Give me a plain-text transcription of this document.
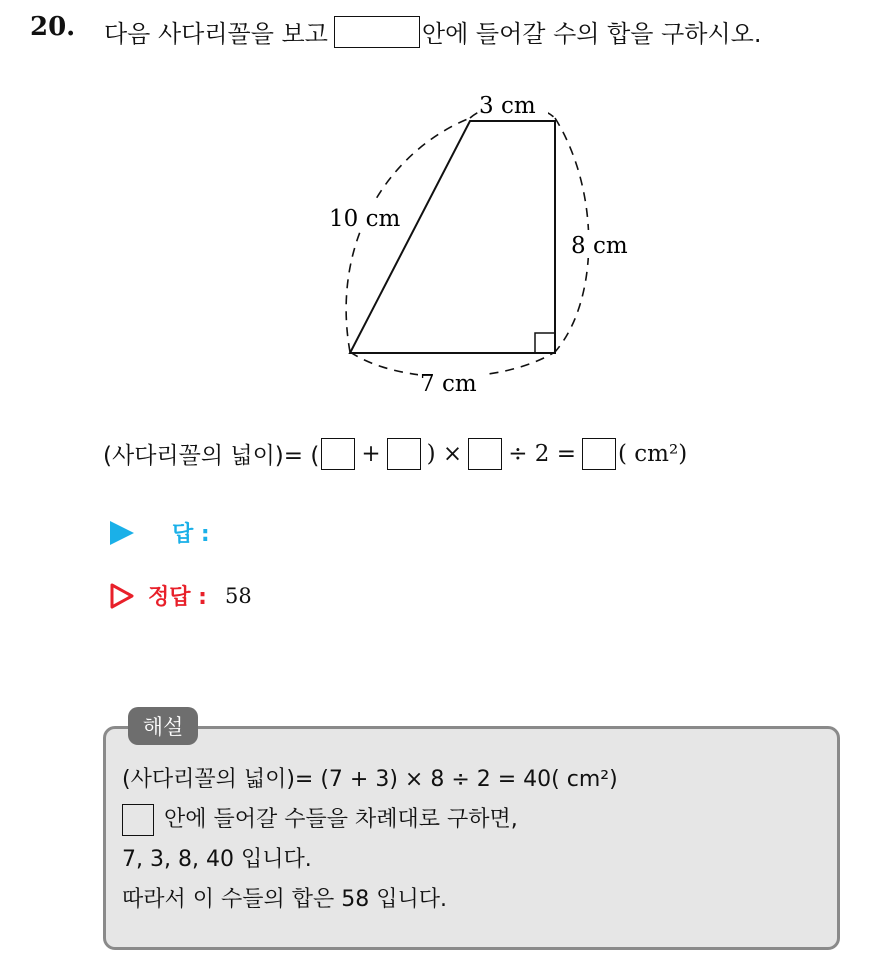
20. 다음 사다리꼴을 보고	안에 들어갈 수의 합을 구하시오.
3 cm
10 cm
8 cm
7 cm
(사다리꼴의 넓이)= ( + ) × ÷ 2 = ( cm²)
답 :
정답 : 58
해설
(사다리꼴의 넓이)= (7 + 3) × 8 ÷ 2 = 40( cm²)
안에 들어갈 수들을 차례대로 구하면,
7, 3, 8, 40 입니다.
따라서 이 수들의 합은 58 입니다.
